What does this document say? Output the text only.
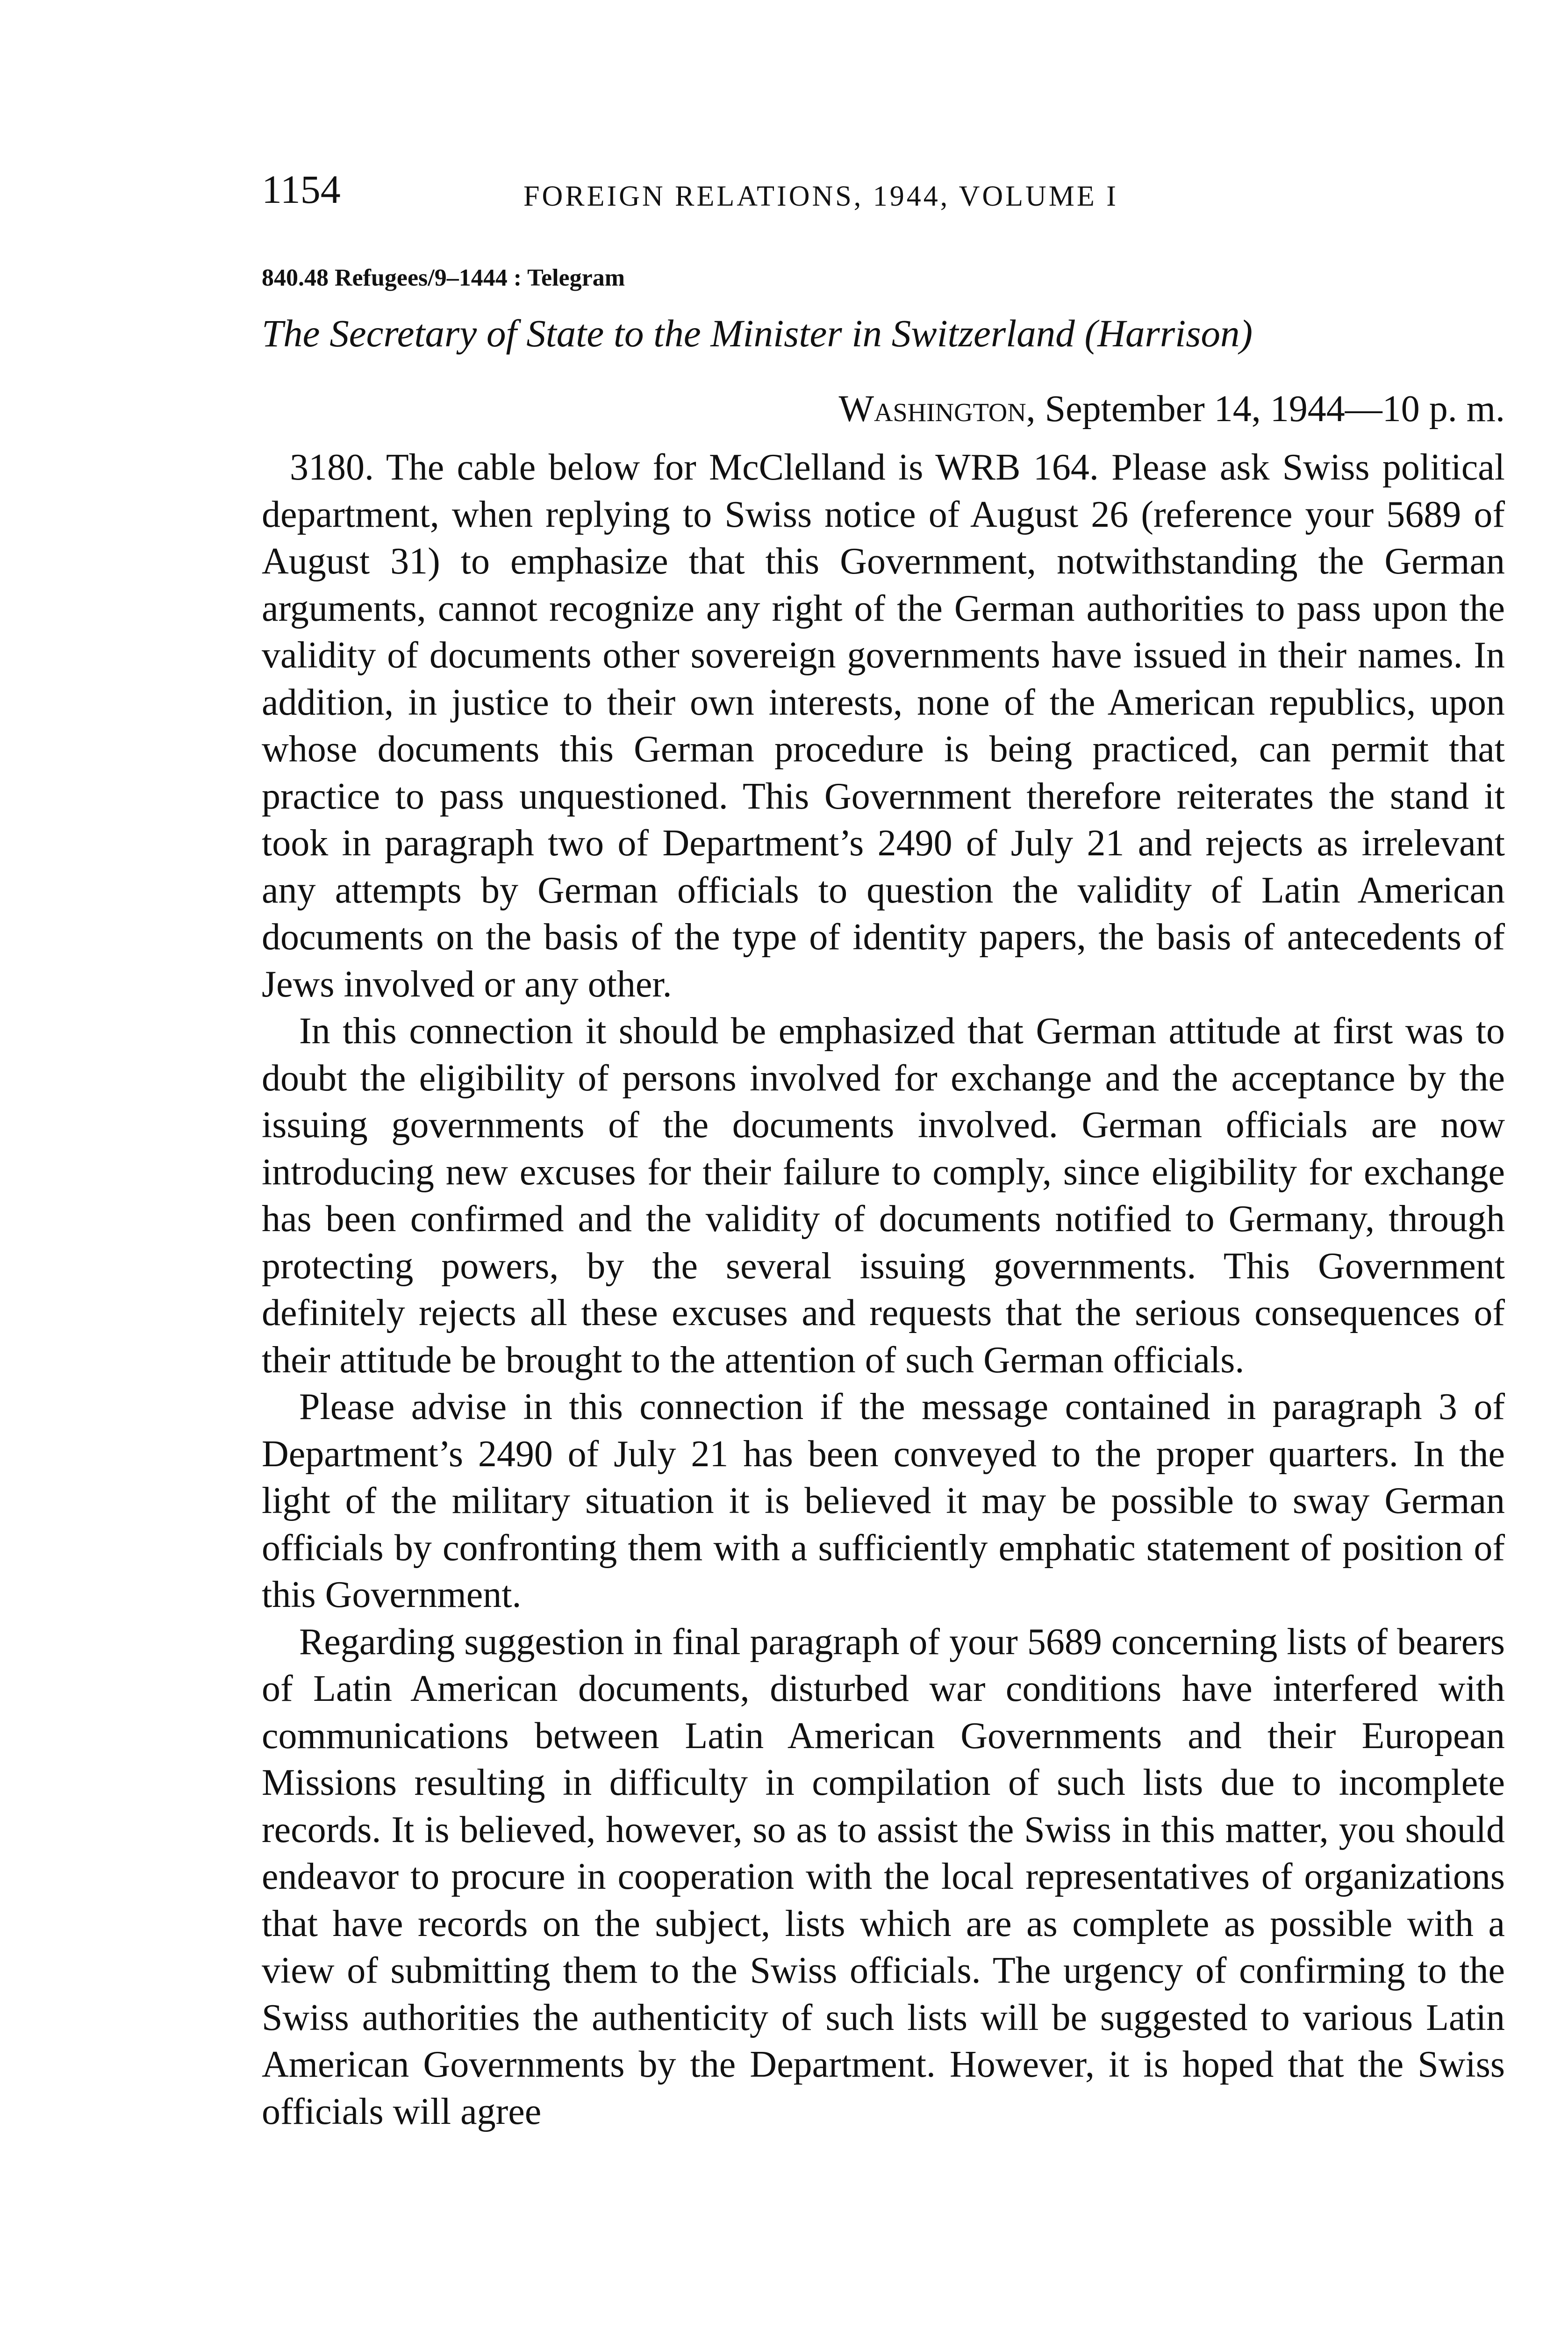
1154	FOREIGN RELATIONS, 1944, VOLUME I
840.48 Refugees/9–1444 : Telegram
The Secretary of State to the Minister in Switzerland (Harrison)
Washington, September 14, 1944—10 p. m.

3180. The cable below for McClelland is WRB 164. Please ask Swiss political department, when replying to Swiss notice of August 26 (reference your 5689 of August 31) to emphasize that this Government, notwithstanding the German arguments, cannot recognize any right of the German authorities to pass upon the validity of documents other sovereign governments have issued in their names. In addition, in justice to their own interests, none of the American republics, upon whose documents this German procedure is being practiced, can permit that practice to pass unquestioned. This Government therefore reiterates the stand it took in paragraph two of Department’s 2490 of July 21 and rejects as irrelevant any attempts by German officials to question the validity of Latin American documents on the basis of the type of identity papers, the basis of antecedents of Jews involved or any other.

In this connection it should be emphasized that German attitude at first was to doubt the eligibility of persons involved for exchange and the acceptance by the issuing governments of the documents involved. German officials are now introducing new excuses for their failure to comply, since eligibility for exchange has been confirmed and the validity of documents notified to Germany, through protecting powers, by the several issuing governments. This Government definitely rejects all these excuses and requests that the serious consequences of their attitude be brought to the attention of such German officials.

Please advise in this connection if the message contained in paragraph 3 of Department’s 2490 of July 21 has been conveyed to the proper quarters. In the light of the military situation it is believed it may be possible to sway German officials by confronting them with a sufficiently emphatic statement of position of this Government.

Regarding suggestion in final paragraph of your 5689 concerning lists of bearers of Latin American documents, disturbed war conditions have interfered with communications between Latin American Governments and their European Missions resulting in difficulty in compilation of such lists due to incomplete records. It is believed, however, so as to assist the Swiss in this matter, you should endeavor to procure in cooperation with the local representatives of organizations that have records on the subject, lists which are as complete as possible with a view of submitting them to the Swiss officials. The urgency of confirming to the Swiss authorities the authenticity of such lists will be suggested to various Latin American Governments by the Department. However, it is hoped that the Swiss officials will agree
